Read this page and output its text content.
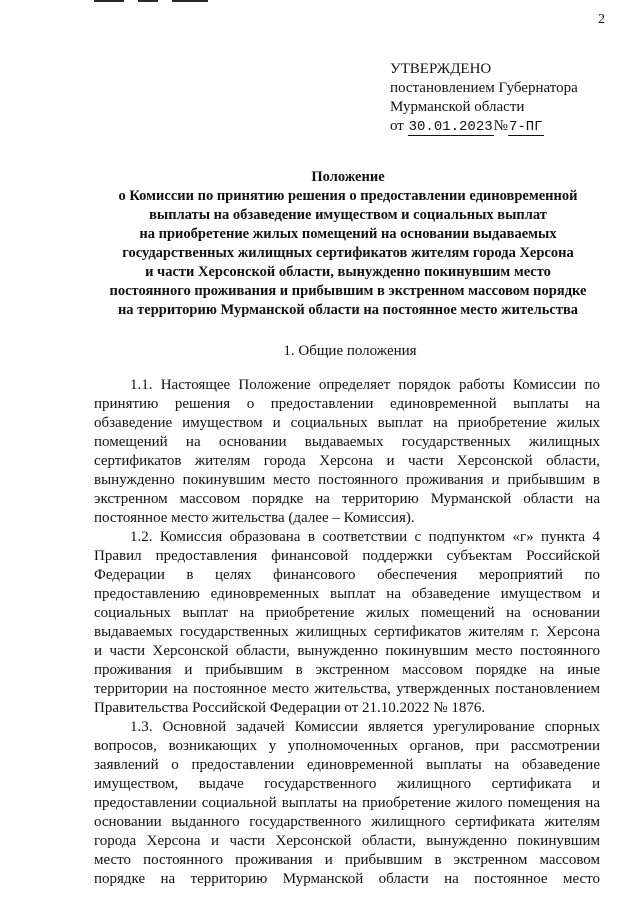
2
УТВЕРЖДЕНО
постановлением Губернатора
Мурманской области
от 30.01.2023№7-ПГ
Положение
о Комиссии по принятию решения о предоставлении единовременной
выплаты на обзаведение имуществом и социальных выплат
на приобретение жилых помещений на основании выдаваемых
государственных жилищных сертификатов жителям города Херсона
и части Херсонской области, вынужденно покинувшим место
постоянного проживания и прибывшим в экстренном массовом порядке
на территорию Мурманской области на постоянное место жительства
1. Общие положения
1.1. Настоящее Положение определяет порядок работы Комиссии по
принятию решения о предоставлении единовременной выплаты на
обзаведение имуществом и социальных выплат на приобретение жилых
помещений на основании выдаваемых государственных жилищных
сертификатов жителям города Херсона и части Херсонской области,
вынужденно покинувшим место постоянного проживания и прибывшим в
экстренном массовом порядке на территорию Мурманской области на
постоянное место жительства (далее – Комиссия).
1.2. Комиссия образована в соответствии с подпунктом «г» пункта 4
Правил предоставления финансовой поддержки субъектам Российской
Федерации в целях финансового обеспечения мероприятий по
предоставлению единовременных выплат на обзаведение имуществом и
социальных выплат на приобретение жилых помещений на основании
выдаваемых государственных жилищных сертификатов жителям г. Херсона
и части Херсонской области, вынужденно покинувшим место постоянного
проживания и прибывшим в экстренном массовом порядке на иные
территории на постоянное место жительства, утвержденных постановлением
Правительства Российской Федерации от 21.10.2022 № 1876.
1.3. Основной задачей Комиссии является урегулирование спорных
вопросов, возникающих у уполномоченных органов, при рассмотрении
заявлений о предоставлении единовременной выплаты на обзаведение
имуществом, выдаче государственного жилищного сертификата и
предоставлении социальной выплаты на приобретение жилого помещения на
основании выданного государственного жилищного сертификата жителям
города Херсона и части Херсонской области, вынужденно покинувшим
место постоянного проживания и прибывшим в экстренном массовом
порядке на территорию Мурманской области на постоянное место
